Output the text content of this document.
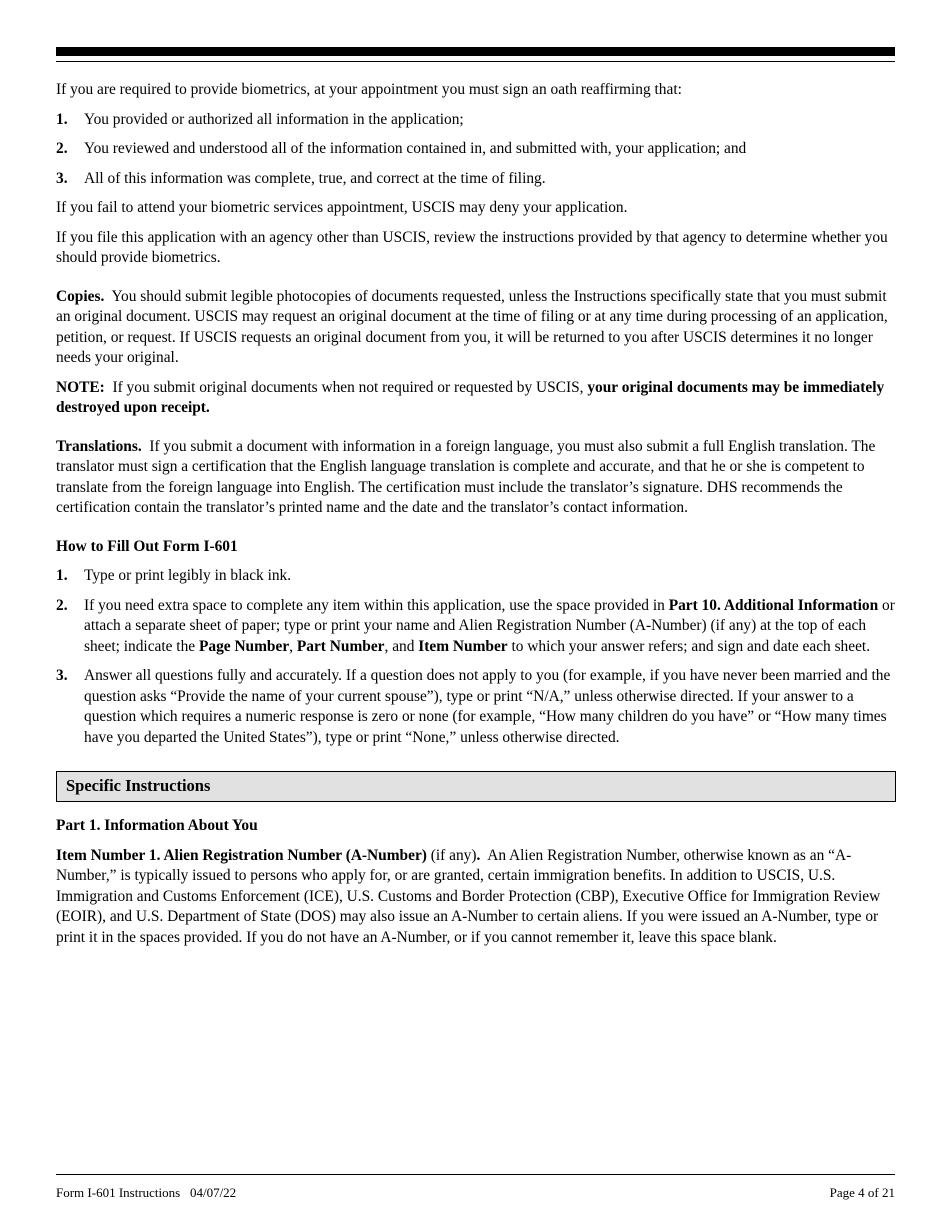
If you are required to provide biometrics, at your appointment you must sign an oath reaffirming that:

1.	You provided or authorized all information in the application;
2.	You reviewed and understood all of the information contained in, and submitted with, your application; and
3.	All of this information was complete, true, and correct at the time of filing.

If you fail to attend your biometric services appointment, USCIS may deny your application.

If you file this application with an agency other than USCIS, review the instructions provided by that agency to determine whether you should provide biometrics.

Copies. You should submit legible photocopies of documents requested, unless the Instructions specifically state that you must submit an original document. USCIS may request an original document at the time of filing or at any time during processing of an application, petition, or request. If USCIS requests an original document from you, it will be returned to you after USCIS determines it no longer needs your original.

NOTE: If you submit original documents when not required or requested by USCIS, your original documents may be immediately destroyed upon receipt.

Translations. If you submit a document with information in a foreign language, you must also submit a full English translation. The translator must sign a certification that the English language translation is complete and accurate, and that he or she is competent to translate from the foreign language into English. The certification must include the translator’s signature. DHS recommends the certification contain the translator’s printed name and the date and the translator’s contact information.

How to Fill Out Form I-601

1.	Type or print legibly in black ink.
2.	If you need extra space to complete any item within this application, use the space provided in Part 10. Additional Information or attach a separate sheet of paper; type or print your name and Alien Registration Number (A-Number) (if any) at the top of each sheet; indicate the Page Number, Part Number, and Item Number to which your answer refers; and sign and date each sheet.
3.	Answer all questions fully and accurately. If a question does not apply to you (for example, if you have never been married and the question asks “Provide the name of your current spouse”), type or print “N/A,” unless otherwise directed. If your answer to a question which requires a numeric response is zero or none (for example, “How many children do you have” or “How many times have you departed the United States”), type or print “None,” unless otherwise directed.
Specific Instructions

Part 1. Information About You

Item Number 1. Alien Registration Number (A-Number) (if any). An Alien Registration Number, otherwise known as an “A-Number,” is typically issued to persons who apply for, or are granted, certain immigration benefits. In addition to USCIS, U.S. Immigration and Customs Enforcement (ICE), U.S. Customs and Border Protection (CBP), Executive Office for Immigration Review (EOIR), and U.S. Department of State (DOS) may also issue an A-Number to certain aliens. If you were issued an A-Number, type or print it in the spaces provided. If you do not have an A-Number, or if you cannot remember it, leave this space blank.

Form I-601 Instructions   04/07/22	Page 4 of 21
